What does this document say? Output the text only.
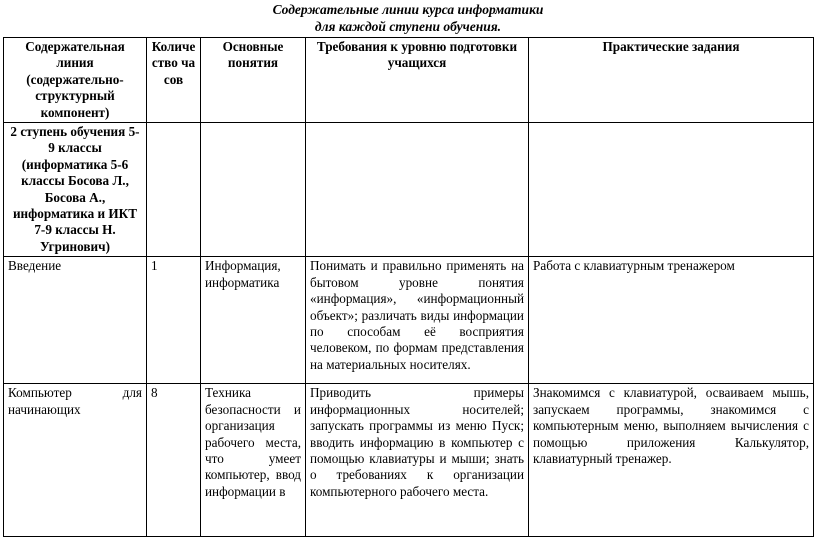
Содержательные линии курса информатики
для каждой ступени обучения.
Содержательная линия (содержательно-структурный компонент)	Количество часов	Основные понятия	Требования к уровню подготовки учащихся	Практические задания
2 ступень обучения 5-9 классы (информатика 5-6 классы Босова Л., Босова А., информатика и ИКТ 7-9 классы Н. Угринович)				
Введение	1	Информация, информатика	Понимать и правильно применять на бытовом уровне понятия «информация», «информационный объект»; различать виды информации по способам её восприятия человеком, по формам представления на материальных носителях.	Работа с клавиатурным тренажером
Компьютер для начинающих	8	Техника безопасности и организация рабочего места, что умеет компьютер, ввод информации в	Приводить примеры информационных носителей; запускать программы из меню Пуск; вводить информацию в компьютер с помощью клавиатуры и мыши; знать о требованиях к организации компьютерного рабочего места.	Знакомимся с клавиатурой, осваиваем мышь, запускаем программы, знакомимся с компьютерным меню, выполняем вычисления с помощью приложения Калькулятор, клавиатурный тренажер.
